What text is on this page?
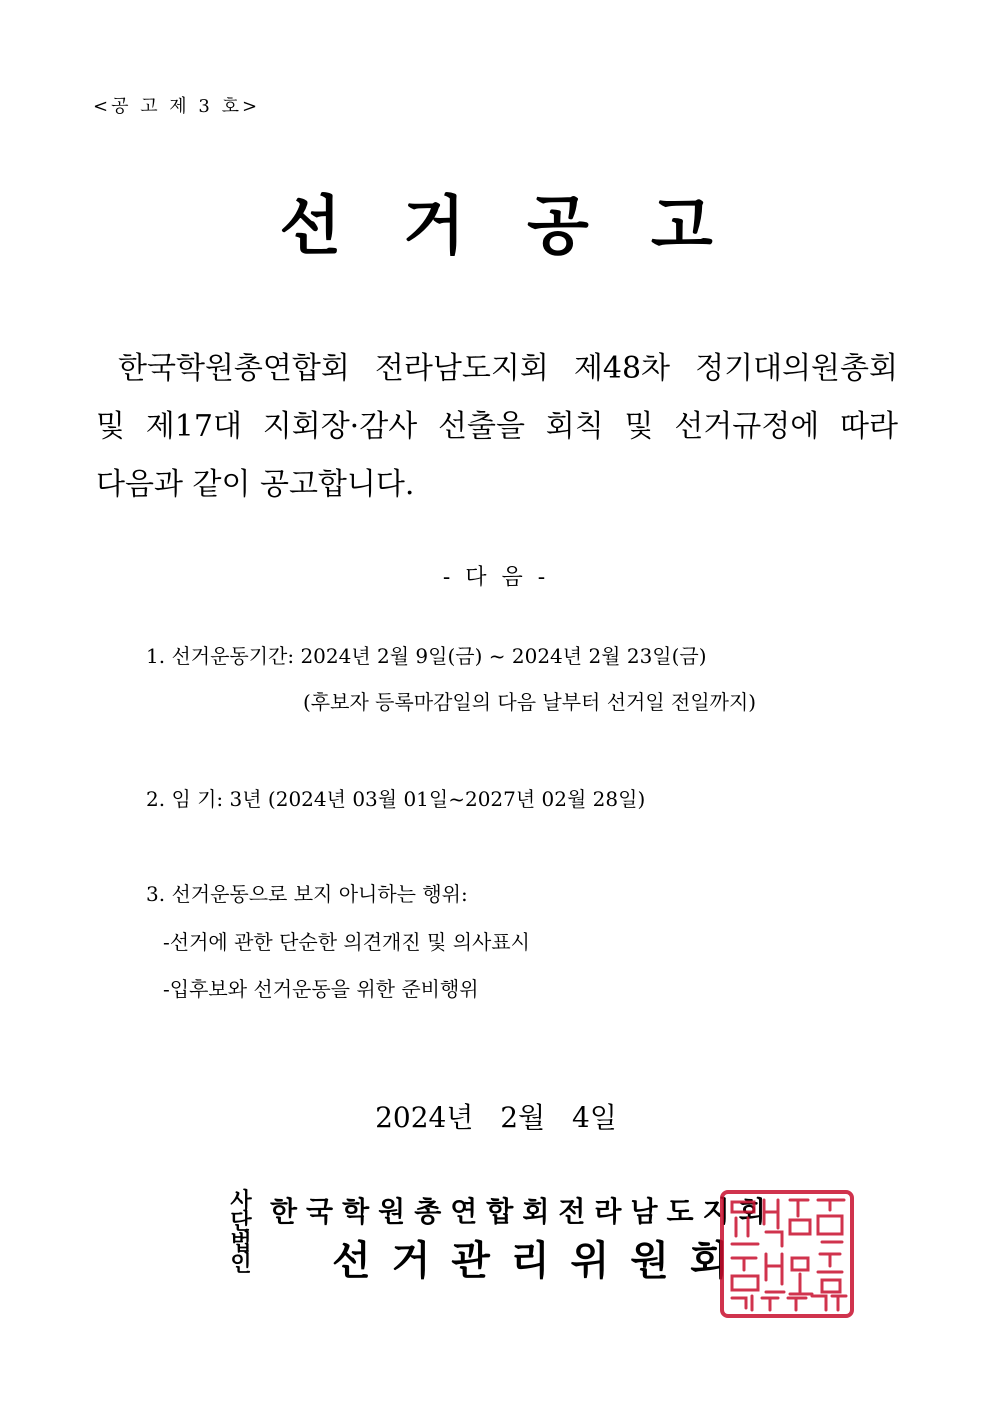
<공 고 제 3 호>
선거공고
한국학원총연합회 전라남도지회 제48차 정기대의원총회
및 제17대 지회장·감사 선출을 회칙 및 선거규정에 따라
다음과 같이 공고합니다.
- 다 음 -
1. 선거운동기간: 2024년 2월 9일(금) ~ 2024년 2월 23일(금)
(후보자 등록마감일의 다음 날부터 선거일 전일까지)
2. 임 기: 3년 (2024년 03월 01일~2027년 02월 28일)
3. 선거운동으로 보지 아니하는 행위:
-선거에 관한 단순한 의견개진 및 의사표시
-입후보와 선거운동을 위한 준비행위
2024년 2월 4일
사단법인
한국학원총연합회전라남도지회
선거관리위원회
